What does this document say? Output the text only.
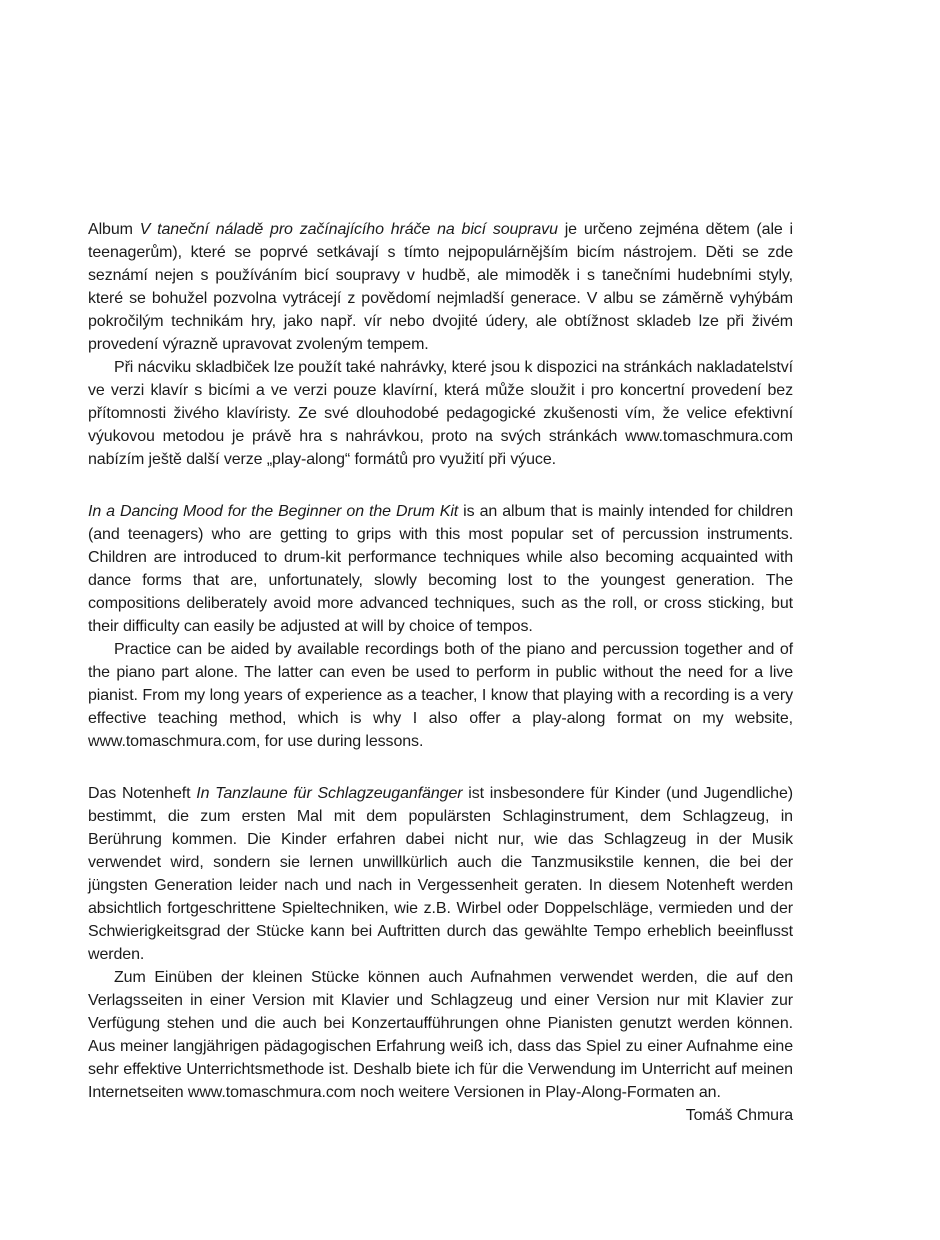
Album V taneční náladě pro začínajícího hráče na bicí soupravu je určeno zejména dětem (ale i teenagerům), které se poprvé setkávají s tímto nejpopulárnějším bicím nástrojem. Děti se zde seznámí nejen s používáním bicí soupravy v hudbě, ale mimoděk i s tanečními hudebními styly, které se bohužel pozvolna vytrácejí z povědomí nejmladší generace. V albu se záměrně vyhýbám pokročilým technikám hry, jako např. vír nebo dvojité údery, ale obtížnost skladeb lze při živém provedení výrazně upravovat zvoleným tempem.

Při nácviku skladbiček lze použít také nahrávky, které jsou k dispozici na stránkách nakladatelství ve verzi klavír s bicími a ve verzi pouze klavírní, která může sloužit i pro koncertní provedení bez přítomnosti živého klavíristy. Ze své dlouhodobé pedagogické zkušenosti vím, že velice efektivní výukovou metodou je právě hra s nahrávkou, proto na svých stránkách www.tomaschmura.com nabízím ještě další verze „play-along“ formátů pro využití při výuce.

In a Dancing Mood for the Beginner on the Drum Kit is an album that is mainly intended for children (and teenagers) who are getting to grips with this most popular set of percussion instruments. Children are introduced to drum-kit performance techniques while also becoming acquainted with dance forms that are, unfortunately, slowly becoming lost to the youngest generation. The compositions deliberately avoid more advanced techniques, such as the roll, or cross sticking, but their difficulty can easily be adjusted at will by choice of tempos.

Practice can be aided by available recordings both of the piano and percussion together and of the piano part alone. The latter can even be used to perform in public without the need for a live pianist. From my long years of experience as a teacher, I know that playing with a recording is a very effective teaching method, which is why I also offer a play-along format on my website, www.tomaschmura.com, for use during lessons.

Das Notenheft In Tanzlaune für Schlagzeuganfänger ist insbesondere für Kinder (und Jugendliche) bestimmt, die zum ersten Mal mit dem populärsten Schlaginstrument, dem Schlagzeug, in Berührung kommen. Die Kinder erfahren dabei nicht nur, wie das Schlagzeug in der Musik verwendet wird, sondern sie lernen unwillkürlich auch die Tanzmusikstile kennen, die bei der jüngsten Generation leider nach und nach in Vergessenheit geraten. In diesem Notenheft werden absichtlich fortgeschrittene Spieltechniken, wie z.B. Wirbel oder Doppelschläge, vermieden und der Schwierigkeitsgrad der Stücke kann bei Auftritten durch das gewählte Tempo erheblich beeinflusst werden.

Zum Einüben der kleinen Stücke können auch Aufnahmen verwendet werden, die auf den Verlagsseiten in einer Version mit Klavier und Schlagzeug und einer Version nur mit Klavier zur Verfügung stehen und die auch bei Konzertaufführungen ohne Pianisten genutzt werden können. Aus meiner langjährigen pädagogischen Erfahrung weiß ich, dass das Spiel zu einer Aufnahme eine sehr effektive Unterrichtsmethode ist. Deshalb biete ich für die Verwendung im Unterricht auf meinen Internetseiten www.tomaschmura.com noch weitere Versionen in Play-Along-Formaten an.

Tomáš Chmura
